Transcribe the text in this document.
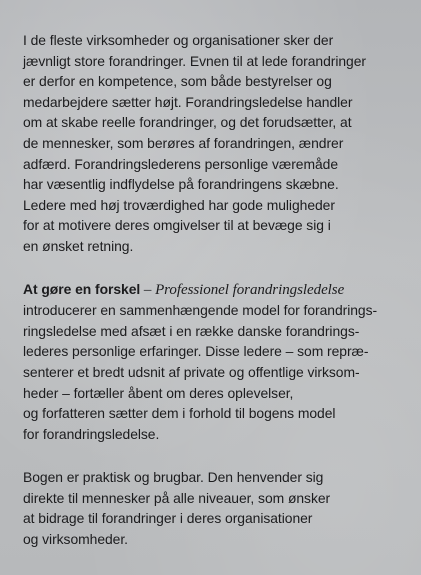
I de fleste virksomheder og organisationer sker der
jævnligt store forandringer. Evnen til at lede forandringer
er derfor en kompetence, som både bestyrelser og
medarbejdere sætter højt. Forandringsledelse handler
om at skabe reelle forandringer, og det forudsætter, at
de mennesker, som berøres af forandringen, ændrer
adfærd. Forandringslederens personlige væremåde
har væsentlig indflydelse på forandringens skæbne.
Ledere med høj troværdighed har gode muligheder
for at motivere deres omgivelser til at bevæge sig i
en ønsket retning.

At gøre en forskel – Professionel forandringsledelse
introducerer en sammenhængende model for forandrings-
ringsledelse med afsæt i en række danske forandrings-
lederes personlige erfaringer. Disse ledere – som repræ-
senterer et bredt udsnit af private og offentlige virksom-
heder – fortæller åbent om deres oplevelser,
og forfatteren sætter dem i forhold til bogens model
for forandringsledelse.

Bogen er praktisk og brugbar. Den henvender sig
direkte til mennesker på alle niveauer, som ønsker
at bidrage til forandringer i deres organisationer
og virksomheder.
